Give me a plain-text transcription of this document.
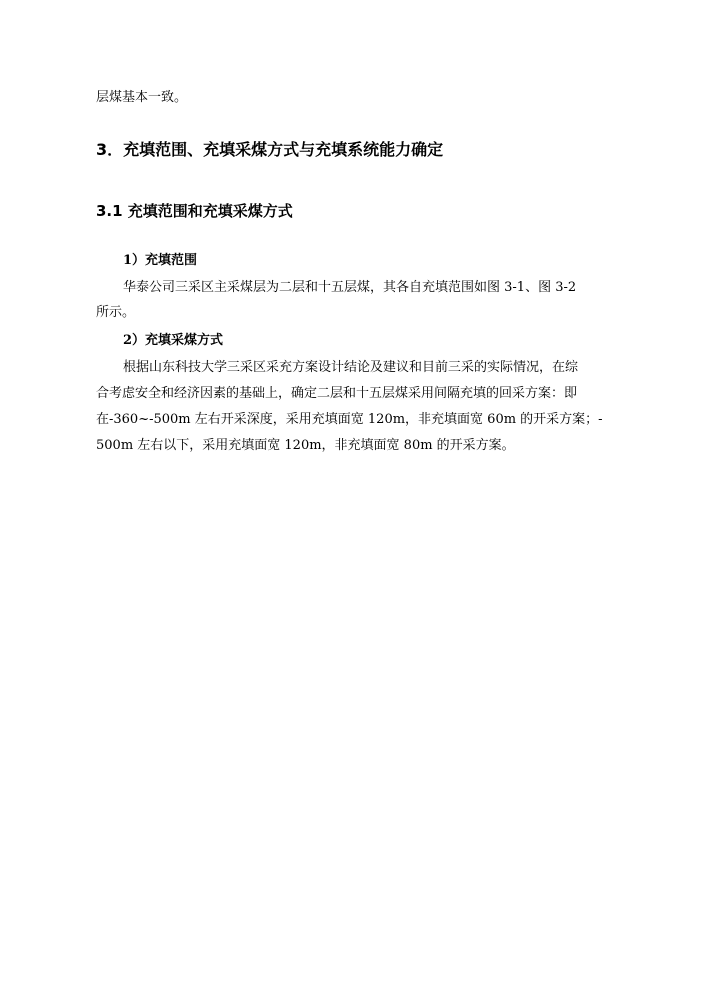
层煤基本一致。
3．充填范围、充填采煤方式与充填系统能力确定
3.1 充填范围和充填采煤方式
1）充填范围
华泰公司三采区主采煤层为二层和十五层煤，其各自充填范围如图 3-1、图 3-2
所示。
2）充填采煤方式
根据山东科技大学三采区采充方案设计结论及建议和目前三采的实际情况，在综
合考虑安全和经济因素的基础上，确定二层和十五层煤采用间隔充填的回采方案：即
在-360~-500m 左右开采深度，采用充填面宽 120m，非充填面宽 60m 的开采方案；-
500m 左右以下，采用充填面宽 120m，非充填面宽 80m 的开采方案。
